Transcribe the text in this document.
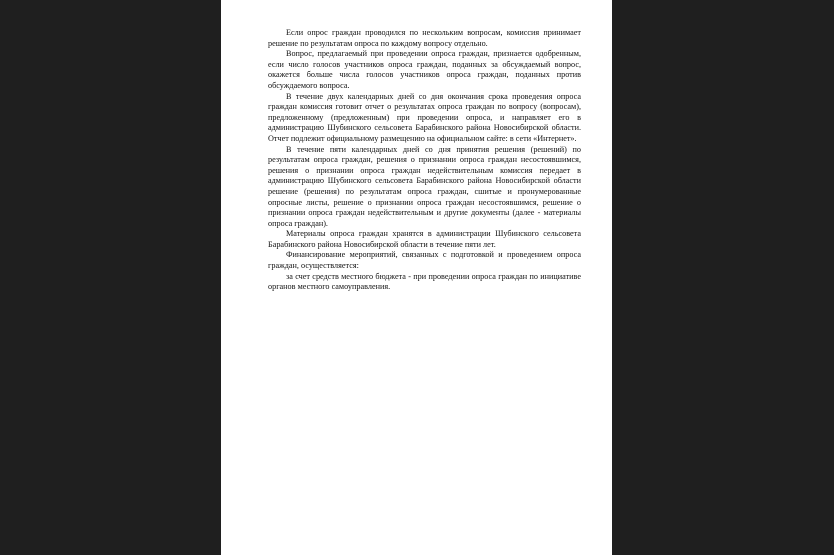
Если опрос граждан проводился по нескольким вопросам, комиссия принимает решение по результатам опроса по каждому вопросу отдельно.

Вопрос, предлагаемый при проведении опроса граждан, признается одобренным, если число голосов участников опроса граждан, поданных за обсуждаемый вопрос, окажется больше числа голосов участников опроса граждан, поданных против обсуждаемого вопроса.

В течение двух календарных дней со дня окончания срока проведения опроса граждан комиссия готовит отчет о результатах опроса граждан по вопросу (вопросам), предложенному (предложенным) при проведении опроса, и направляет его в администрацию Шубинского сельсовета Барабинского района Новосибирской области. Отчет подлежит официальному размещению на официальном сайте: в сети «Интернет».

В течение пяти календарных дней со дня принятия решения (решений) по результатам опроса граждан, решения о признании опроса граждан несостоявшимся, решения о признании опроса граждан недействительным комиссия передает в администрацию Шубинского сельсовета Барабинского района Новосибирской области решение (решения) по результатам опроса граждан, сшитые и пронумерованные опросные листы, решение о признании опроса граждан несостоявшимся, решение о признании опроса граждан недействительным и другие документы (далее - материалы опроса граждан).

Материалы опроса граждан хранятся в администрации Шубинского сельсовета Барабинского района Новосибирской области в течение пяти лет.

Финансирование мероприятий, связанных с подготовкой и проведением опроса граждан, осуществляется:

за счет средств местного бюджета - при проведении опроса граждан по инициативе органов местного самоуправления.
